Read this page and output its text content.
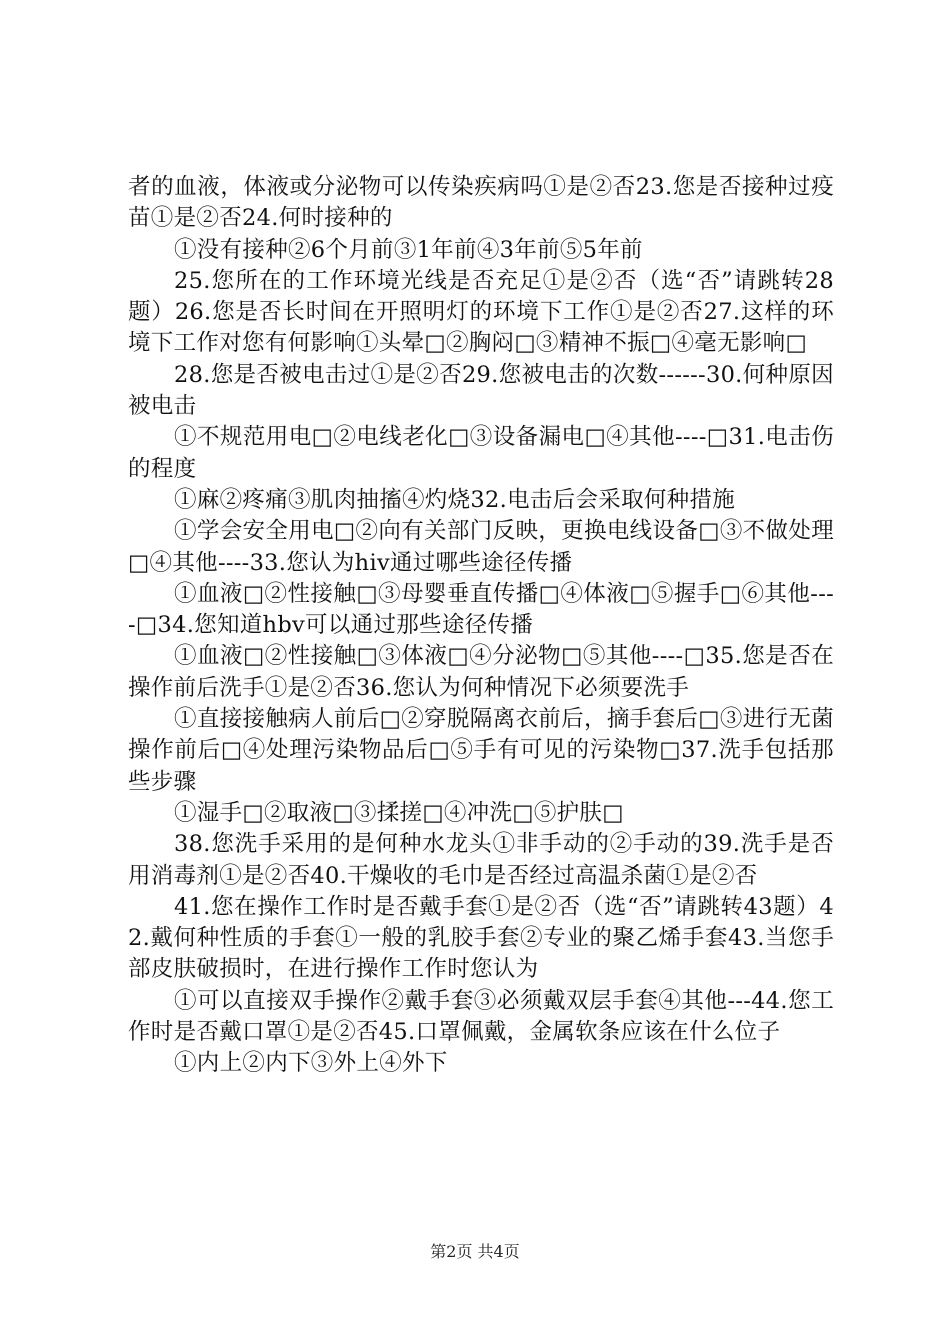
者的血液，体液或分泌物可以传染疾病吗①是②否23.您是否接种过疫苗①是②否24.何时接种的

①没有接种②6个月前③1年前④3年前⑤5年前

25.您所在的工作环境光线是否充足①是②否（选“否”请跳转28题）26.您是否长时间在开照明灯的环境下工作①是②否27.这样的环境下工作对您有何影响①头晕□②胸闷□③精神不振□④毫无影响□

28.您是否被电击过①是②否29.您被电击的次数------30.何种原因被电击

①不规范用电□②电线老化□③设备漏电□④其他----□31.电击伤的程度

①麻②疼痛③肌肉抽搐④灼烧32.电击后会采取何种措施

①学会安全用电□②向有关部门反映，更换电线设备□③不做处理□④其他----33.您认为hiv通过哪些途径传播

①血液□②性接触□③母婴垂直传播□④体液□⑤握手□⑥其他----□34.您知道hbv可以通过那些途径传播

①血液□②性接触□③体液□④分泌物□⑤其他----□35.您是否在操作前后洗手①是②否36.您认为何种情况下必须要洗手

①直接接触病人前后□②穿脱隔离衣前后，摘手套后□③进行无菌操作前后□④处理污染物品后□⑤手有可见的污染物□37.洗手包括那些步骤

①湿手□②取液□③揉搓□④冲洗□⑤护肤□

38.您洗手采用的是何种水龙头①非手动的②手动的39.洗手是否用消毒剂①是②否40.干燥收的毛巾是否经过高温杀菌①是②否

41.您在操作工作时是否戴手套①是②否（选“否”请跳转43题）42.戴何种性质的手套①一般的乳胶手套②专业的聚乙烯手套43.当您手部皮肤破损时，在进行操作工作时您认为

①可以直接双手操作②戴手套③必须戴双层手套④其他---44.您工作时是否戴口罩①是②否45.口罩佩戴，金属软条应该在什么位子

①内上②内下③外上④外下

第2页 共4页
